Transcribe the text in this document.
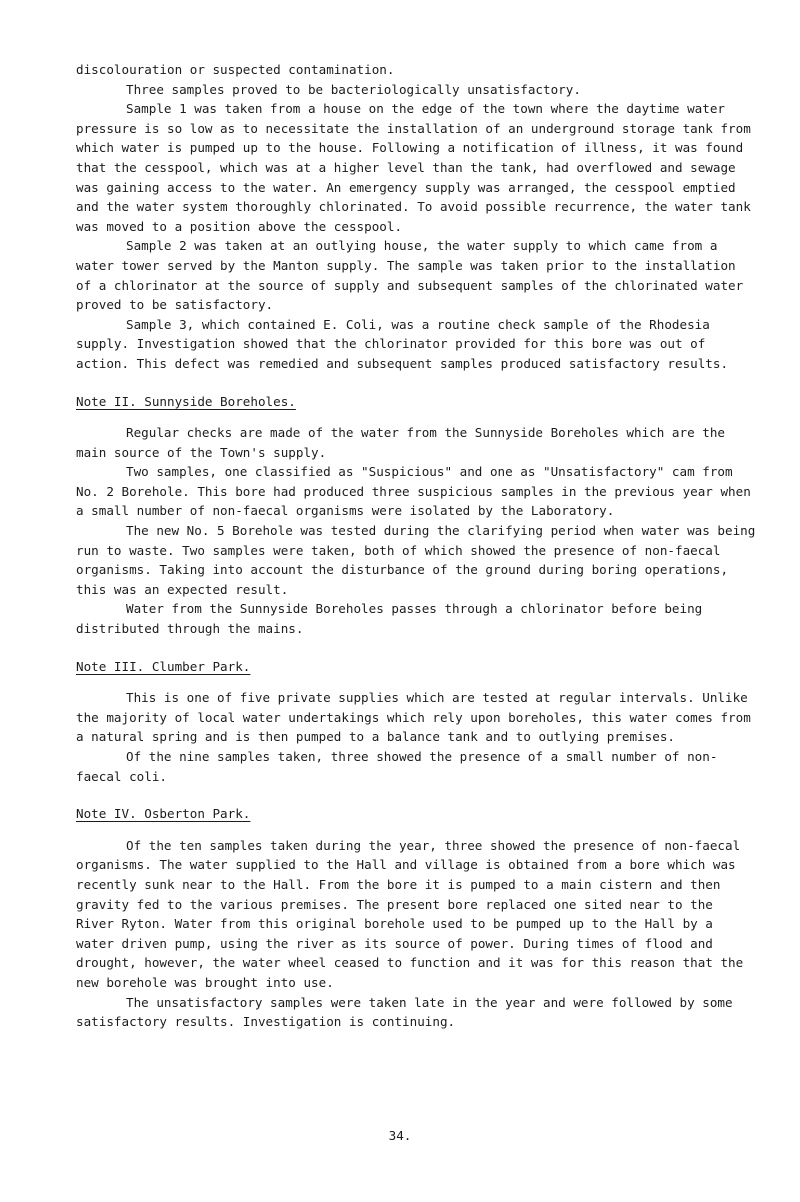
discolouration or suspected contamination.

Three samples proved to be bacteriologically unsatisfactory.

Sample 1 was taken from a house on the edge of the town where the daytime water pressure is so low as to necessitate the installation of an underground storage tank from which water is pumped up to the house. Following a notification of illness, it was found that the cesspool, which was at a higher level than the tank, had overflowed and sewage was gaining access to the water. An emergency supply was arranged, the cesspool emptied and the water system thoroughly chlorinated. To avoid possible recurrence, the water tank was moved to a position above the cesspool.

Sample 2 was taken at an outlying house, the water supply to which came from a water tower served by the Manton supply. The sample was taken prior to the installation of a chlorinator at the source of supply and subsequent samples of the chlorinated water proved to be satisfactory.

Sample 3, which contained E. Coli, was a routine check sample of the Rhodesia supply. Investigation showed that the chlorinator provided for this bore was out of action. This defect was remedied and subsequent samples produced satisfactory results.

Note II. Sunnyside Boreholes.

Regular checks are made of the water from the Sunnyside Boreholes which are the main source of the Town's supply.

Two samples, one classified as "Suspicious" and one as "Unsatisfactory" cam from No. 2 Borehole. This bore had produced three suspicious samples in the previous year when a small number of non-faecal organisms were isolated by the Laboratory.

The new No. 5 Borehole was tested during the clarifying period when water was being run to waste. Two samples were taken, both of which showed the presence of non-faecal organisms. Taking into account the disturbance of the ground during boring operations, this was an expected result.

Water from the Sunnyside Boreholes passes through a chlorinator before being distributed through the mains.

Note III. Clumber Park.

This is one of five private supplies which are tested at regular intervals. Unlike the majority of local water undertakings which rely upon boreholes, this water comes from a natural spring and is then pumped to a balance tank and to outlying premises.

Of the nine samples taken, three showed the presence of a small number of non-faecal coli.

Note IV. Osberton Park.

Of the ten samples taken during the year, three showed the presence of non-faecal organisms. The water supplied to the Hall and village is obtained from a bore which was recently sunk near to the Hall. From the bore it is pumped to a main cistern and then gravity fed to the various premises. The present bore replaced one sited near to the River Ryton. Water from this original borehole used to be pumped up to the Hall by a water driven pump, using the river as its source of power. During times of flood and drought, however, the water wheel ceased to function and it was for this reason that the new borehole was brought into use.

The unsatisfactory samples were taken late in the year and were followed by some satisfactory results. Investigation is continuing.

34.
